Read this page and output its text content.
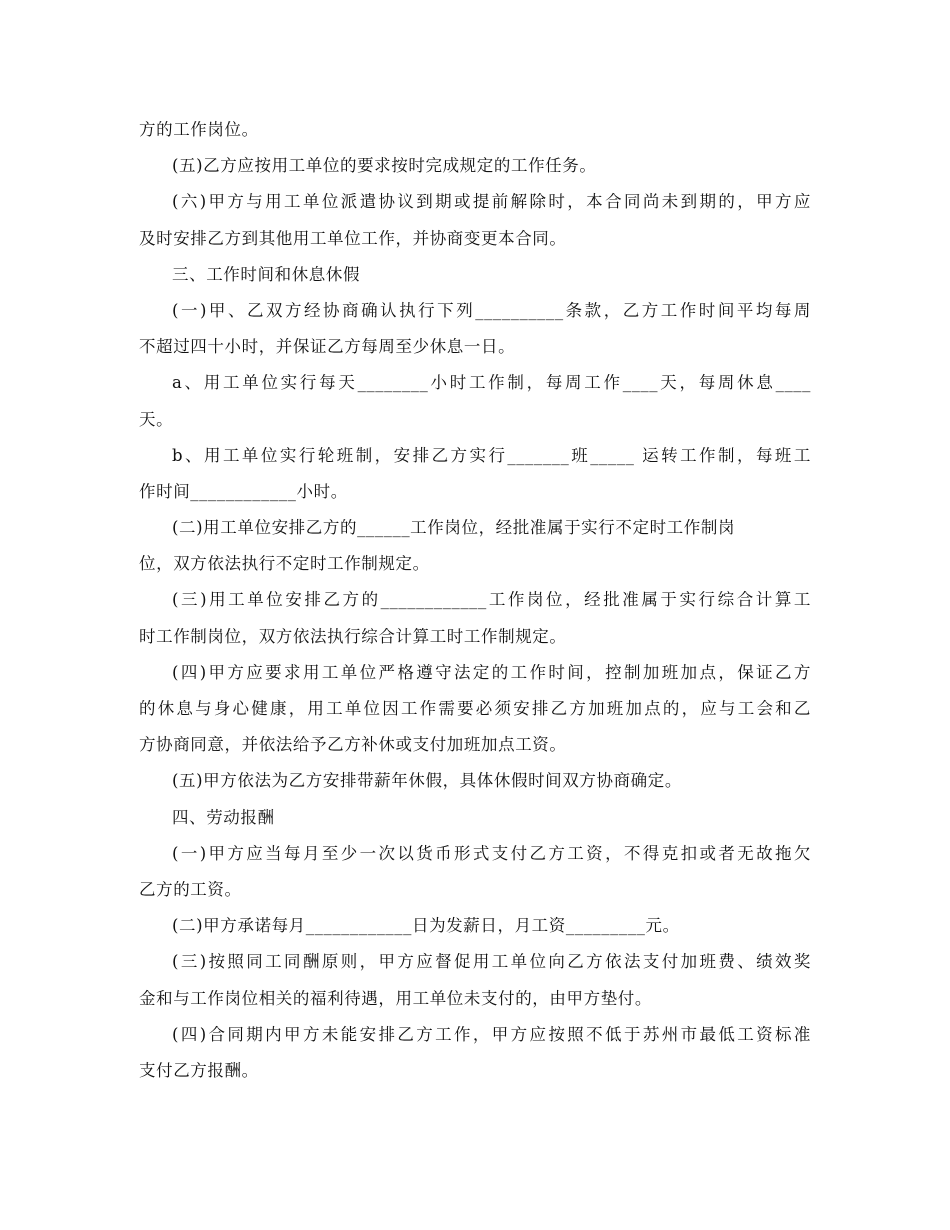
方的工作岗位。
(五)乙方应按用工单位的要求按时完成规定的工作任务。
(六)甲方与用工单位派遣协议到期或提前解除时，本合同尚未到期的，甲方应
及时安排乙方到其他用工单位工作，并协商变更本合同。
三、工作时间和休息休假
(一)甲、乙双方经协商确认执行下列__________条款，乙方工作时间平均每周
不超过四十小时，并保证乙方每周至少休息一日。
a、用工单位实行每天________小时工作制，每周工作____天，每周休息____
天。
b、用工单位实行轮班制，安排乙方实行_______班_____ 运转工作制，每班工
作时间____________小时。
(二)用工单位安排乙方的______工作岗位，经批准属于实行不定时工作制岗
位，双方依法执行不定时工作制规定。
(三)用工单位安排乙方的____________工作岗位，经批准属于实行综合计算工
时工作制岗位，双方依法执行综合计算工时工作制规定。
(四)甲方应要求用工单位严格遵守法定的工作时间，控制加班加点，保证乙方
的休息与身心健康，用工单位因工作需要必须安排乙方加班加点的，应与工会和乙
方协商同意，并依法给予乙方补休或支付加班加点工资。
(五)甲方依法为乙方安排带薪年休假，具体休假时间双方协商确定。
四、劳动报酬
(一)甲方应当每月至少一次以货币形式支付乙方工资，不得克扣或者无故拖欠
乙方的工资。
(二)甲方承诺每月____________日为发薪日，月工资_________元。
(三)按照同工同酬原则，甲方应督促用工单位向乙方依法支付加班费、绩效奖
金和与工作岗位相关的福利待遇，用工单位未支付的，由甲方垫付。
(四)合同期内甲方未能安排乙方工作，甲方应按照不低于苏州市最低工资标准
支付乙方报酬。
